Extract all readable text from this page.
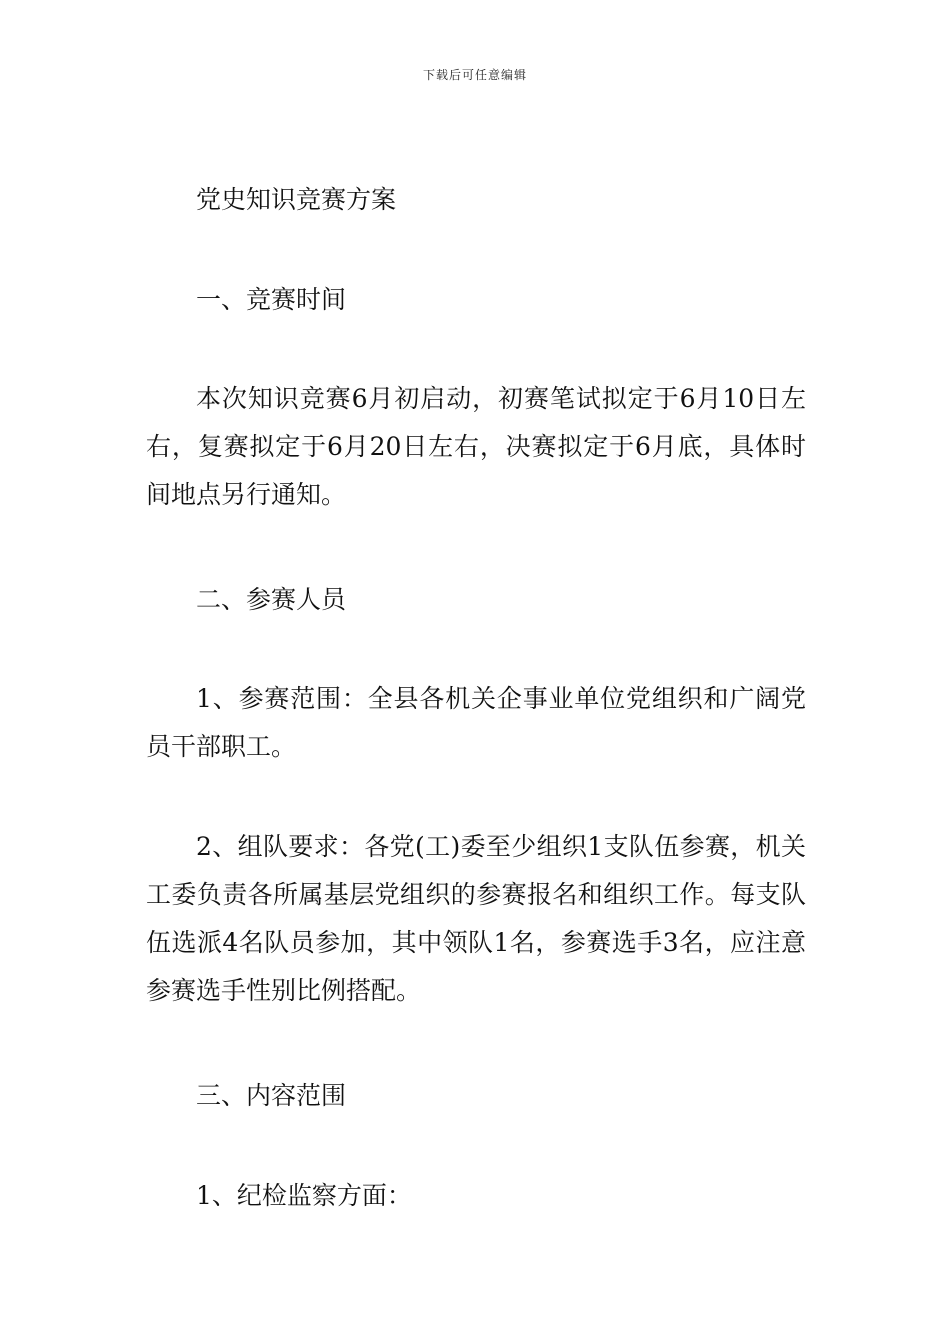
下载后可任意编辑

党史知识竞赛方案

一、竞赛时间

本次知识竞赛6月初启动，初赛笔试拟定于6月10日左右，复赛拟定于6月20日左右，决赛拟定于6月底，具体时间地点另行通知。

二、参赛人员

1、参赛范围：全县各机关企事业单位党组织和广阔党员干部职工。

2、组队要求：各党(工)委至少组织1支队伍参赛，机关工委负责各所属基层党组织的参赛报名和组织工作。每支队伍选派4名队员参加，其中领队1名，参赛选手3名，应注意参赛选手性别比例搭配。

三、内容范围

1、纪检监察方面：
